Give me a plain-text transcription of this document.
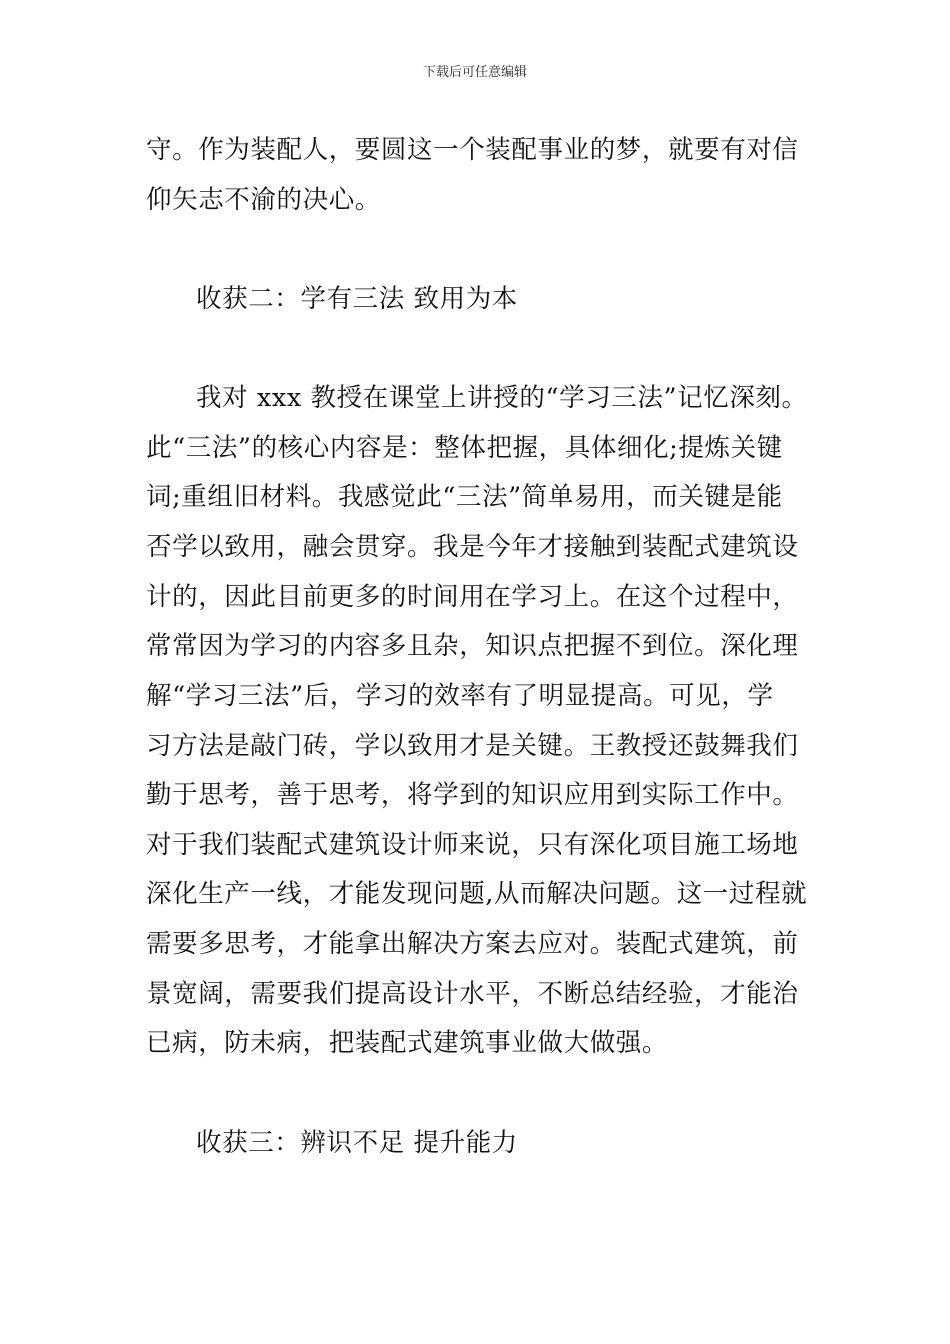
下载后可任意编辑
守。作为装配人，要圆这一个装配事业的梦，就要有对信
仰矢志不渝的决心。
收获二：学有三法 致用为本
我对 xxx 教授在课堂上讲授的“学习三法”记忆深刻。
此“三法”的核心内容是：整体把握，具体细化;提炼关键
词;重组旧材料。我感觉此“三法”简单易用，而关键是能
否学以致用，融会贯穿。我是今年才接触到装配式建筑设
计的，因此目前更多的时间用在学习上。在这个过程中，
常常因为学习的内容多且杂，知识点把握不到位。深化理
解“学习三法”后，学习的效率有了明显提高。可见，学
习方法是敲门砖，学以致用才是关键。王教授还鼓舞我们
勤于思考，善于思考，将学到的知识应用到实际工作中。
对于我们装配式建筑设计师来说，只有深化项目施工场地
深化生产一线，才能发现问题,从而解决问题。这一过程就
需要多思考，才能拿出解决方案去应对。装配式建筑，前
景宽阔，需要我们提高设计水平，不断总结经验，才能治
已病，防未病，把装配式建筑事业做大做强。
收获三：辨识不足 提升能力
